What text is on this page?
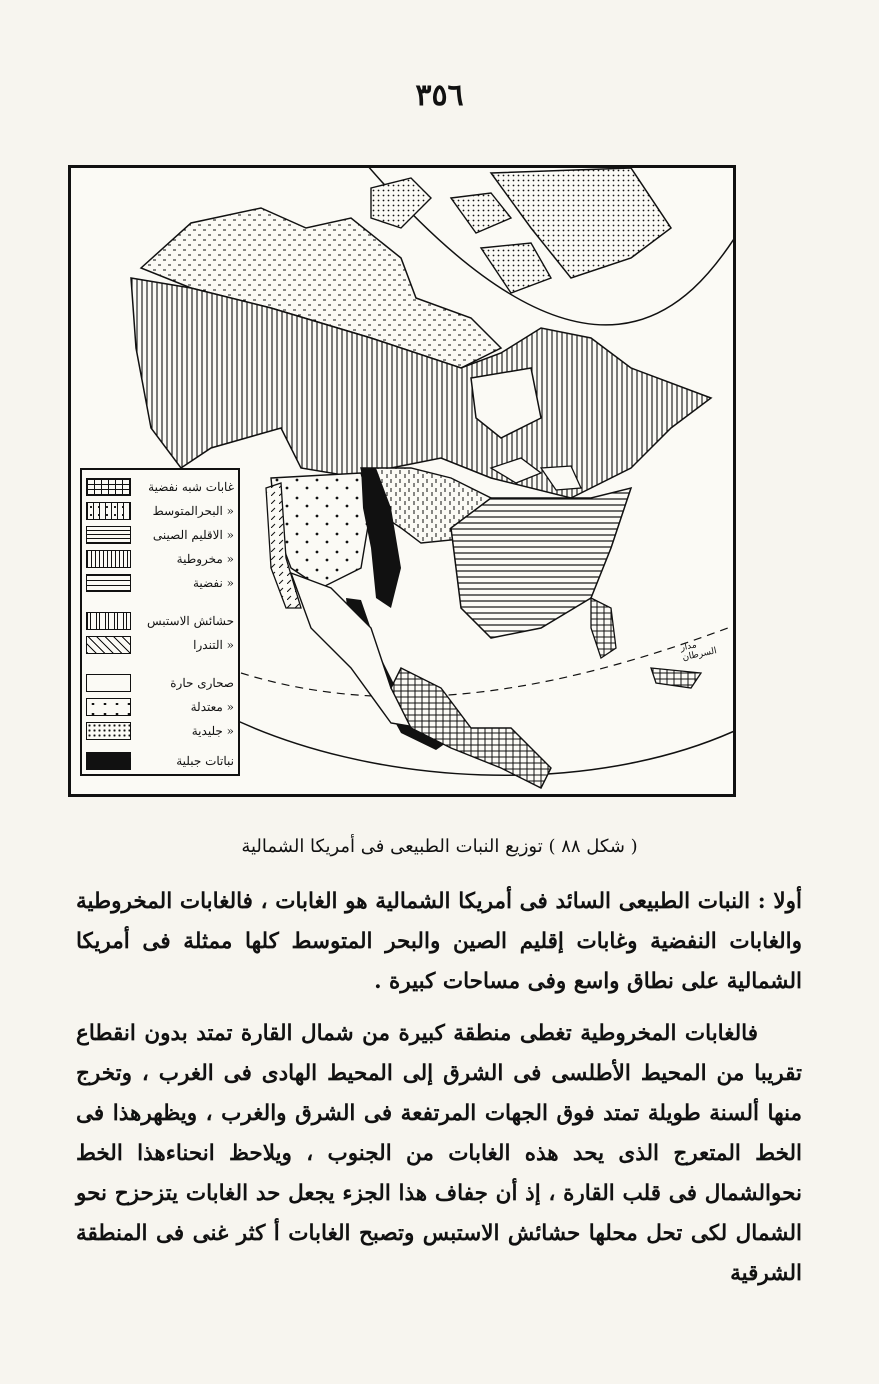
٣٥٦
مدار السرطان
غابات شبه نفضية
« البحرالمتوسط
« الاقليم الصينى
« مخروطية
« نفضية
حشائش الاستبس
« التندرا
صحارى حارة
« معتدلة
« جليدية
نباتات جبلية
( شكل ٨٨ ) توزيع النبات الطبيعى فى أمريكا الشمالية
أولا : النبات الطبيعى السائد فى أمريكا الشمالية هو الغابات ، فالغابات المخروطية والغابات النفضية وغابات إقليم الصين والبحر المتوسط كلها ممثلة فى أمريكا الشمالية على نطاق واسع وفى مساحات كبيرة .
فالغابات المخروطية تغطى منطقة كبيرة من شمال القارة تمتد بدون انقطاع تقريبا من المحيط الأطلسى فى الشرق إلى المحيط الهادى فى الغرب ، وتخرج منها ألسنة طويلة تمتد فوق الجهات المرتفعة فى الشرق والغرب ، ويظهرهذا فى الخط المتعرج الذى يحد هذه الغابات من الجنوب ، ويلاحظ انحناءهذا الخط نحوالشمال فى قلب القارة ، إذ أن جفاف هذا الجزء يجعل حد الغابات يتزحزح نحو الشمال لكى تحل محلها حشائش الاستبس وتصبح الغابات أ كثر غنى فى المنطقة الشرقية
